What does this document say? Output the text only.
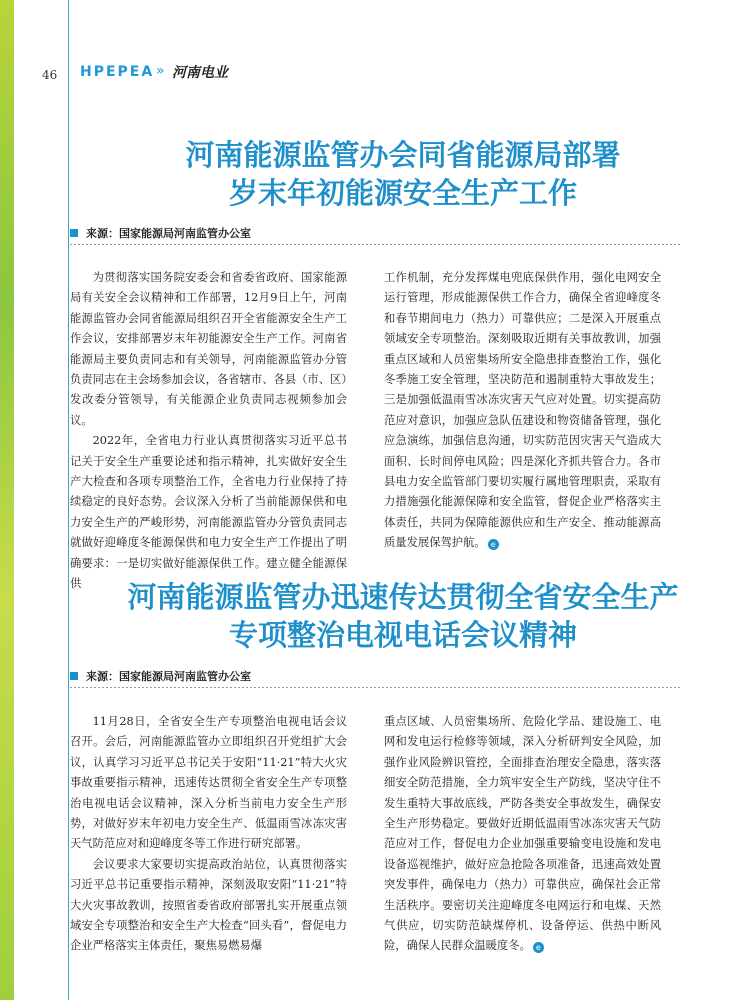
46 HPEPEA » 河南电业
河南能源监管办会同省能源局部署
岁末年初能源安全生产工作
来源：国家能源局河南监管办公室

为贯彻落实国务院安委会和省委省政府、国家能源局有关安全会议精神和工作部署，12月9日上午，河南能源监管办会同省能源局组织召开全省能源安全生产工作会议，安排部署岁末年初能源安全生产工作。河南省能源局主要负责同志和有关领导，河南能源监管办分管负责同志在主会场参加会议，各省辖市、各县（市、区）发改委分管领导，有关能源企业负责同志视频参加会议。

2022年，全省电力行业认真贯彻落实习近平总书记关于安全生产重要论述和指示精神，扎实做好安全生产大检查和各项专项整治工作，全省电力行业保持了持续稳定的良好态势。会议深入分析了当前能源保供和电力安全生产的严峻形势，河南能源监管办分管负责同志就做好迎峰度冬能源保供和电力安全生产工作提出了明确要求：一是切实做好能源保供工作。建立健全能源保供

工作机制，充分发挥煤电兜底保供作用，强化电网安全运行管理，形成能源保供工作合力，确保全省迎峰度冬和春节期间电力（热力）可靠供应；二是深入开展重点领域安全专项整治。深刻吸取近期有关事故教训，加强重点区域和人员密集场所安全隐患排查整治工作，强化冬季施工安全管理，坚决防范和遏制重特大事故发生；三是加强低温雨雪冰冻灾害天气应对处置。切实提高防范应对意识，加强应急队伍建设和物资储备管理，强化应急演练，加强信息沟通，切实防范因灾害天气造成大面积、长时间停电风险；四是深化齐抓共管合力。各市县电力安全监管部门要切实履行属地管理职责，采取有力措施强化能源保障和安全监管，督促企业严格落实主体责任，共同为保障能源供应和生产安全、推动能源高质量发展保驾护航。 e

河南能源监管办迅速传达贯彻全省安全生产
专项整治电视电话会议精神
来源：国家能源局河南监管办公室

11月28日，全省安全生产专项整治电视电话会议召开。会后，河南能源监管办立即组织召开党组扩大会议，认真学习习近平总书记关于安阳“11·21”特大火灾事故重要指示精神，迅速传达贯彻全省安全生产专项整治电视电话会议精神，深入分析当前电力安全生产形势，对做好岁末年初电力安全生产、低温雨雪冰冻灾害天气防范应对和迎峰度冬等工作进行研究部署。

会议要求大家要切实提高政治站位，认真贯彻落实习近平总书记重要指示精神，深刻汲取安阳“11·21”特大火灾事故教训，按照省委省政府部署扎实开展重点领域安全专项整治和安全生产大检查“回头看”，督促电力企业严格落实主体责任，聚焦易燃易爆

重点区域、人员密集场所、危险化学品、建设施工、电网和发电运行检修等领域，深入分析研判安全风险，加强作业风险辨识管控，全面排查治理安全隐患，落实落细安全防范措施，全力筑牢安全生产防线，坚决守住不发生重特大事故底线，严防各类安全事故发生，确保安全生产形势稳定。要做好近期低温雨雪冰冻灾害天气防范应对工作，督促电力企业加强重要输变电设施和发电设备巡视维护，做好应急抢险各项准备，迅速高效处置突发事件，确保电力（热力）可靠供应，确保社会正常生活秩序。要密切关注迎峰度冬电网运行和电煤、天然气供应，切实防范缺煤停机、设备停运、供热中断风险，确保人民群众温暖度冬。 e
